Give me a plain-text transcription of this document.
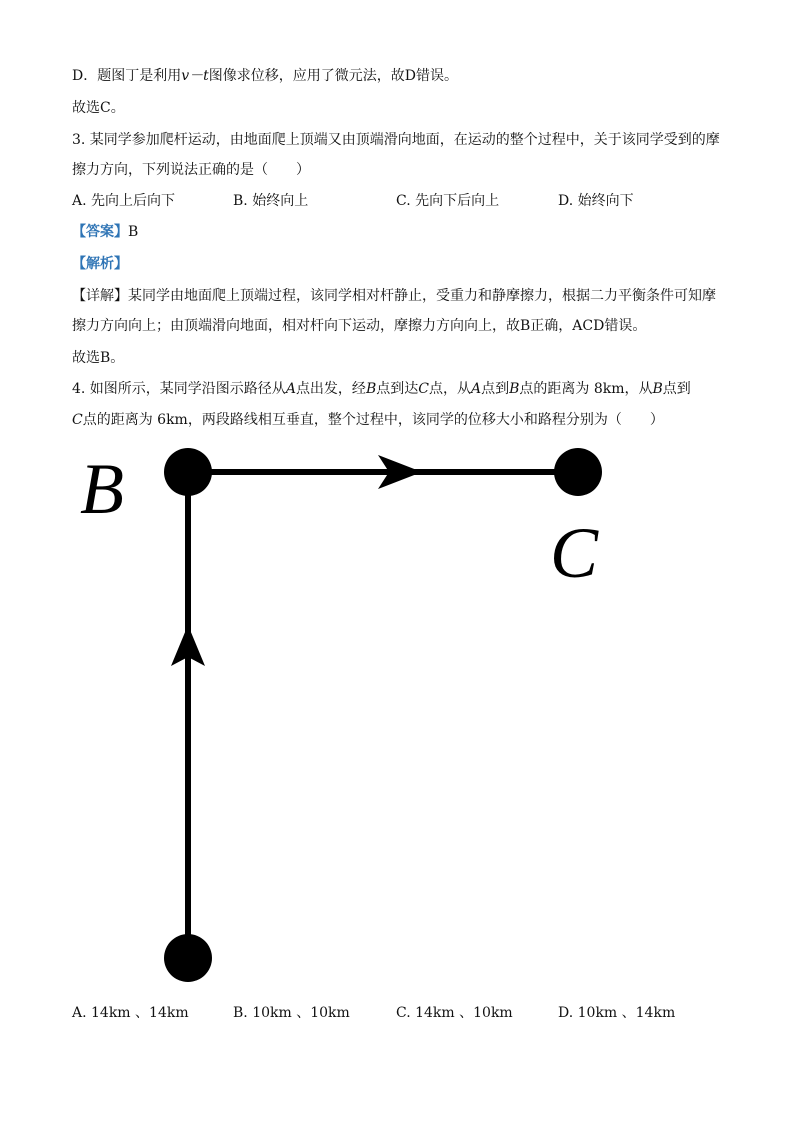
D．题图丁是利用v－t图像求位移，应用了微元法，故D错误。
故选C。
3. 某同学参加爬杆运动，由地面爬上顶端又由顶端滑向地面，在运动的整个过程中，关于该同学受到的摩
擦力方向，下列说法正确的是（　　）
A. 先向上后向下	B. 始终向上	C. 先向下后向上	D. 始终向下
【答案】B
【解析】
【详解】某同学由地面爬上顶端过程，该同学相对杆静止，受重力和静摩擦力，根据二力平衡条件可知摩
擦力方向向上；由顶端滑向地面，相对杆向下运动，摩擦力方向向上，故B正确，ACD错误。
故选B。
4. 如图所示，某同学沿图示路径从A点出发，经B点到达C点，从A点到B点的距离为 8km，从B点到
C点的距离为 6km，两段路线相互垂直，整个过程中，该同学的位移大小和路程分别为（　　）
B
C
A. 14km 、14km	B. 10km 、10km	C. 14km 、10km	D. 10km 、14km
